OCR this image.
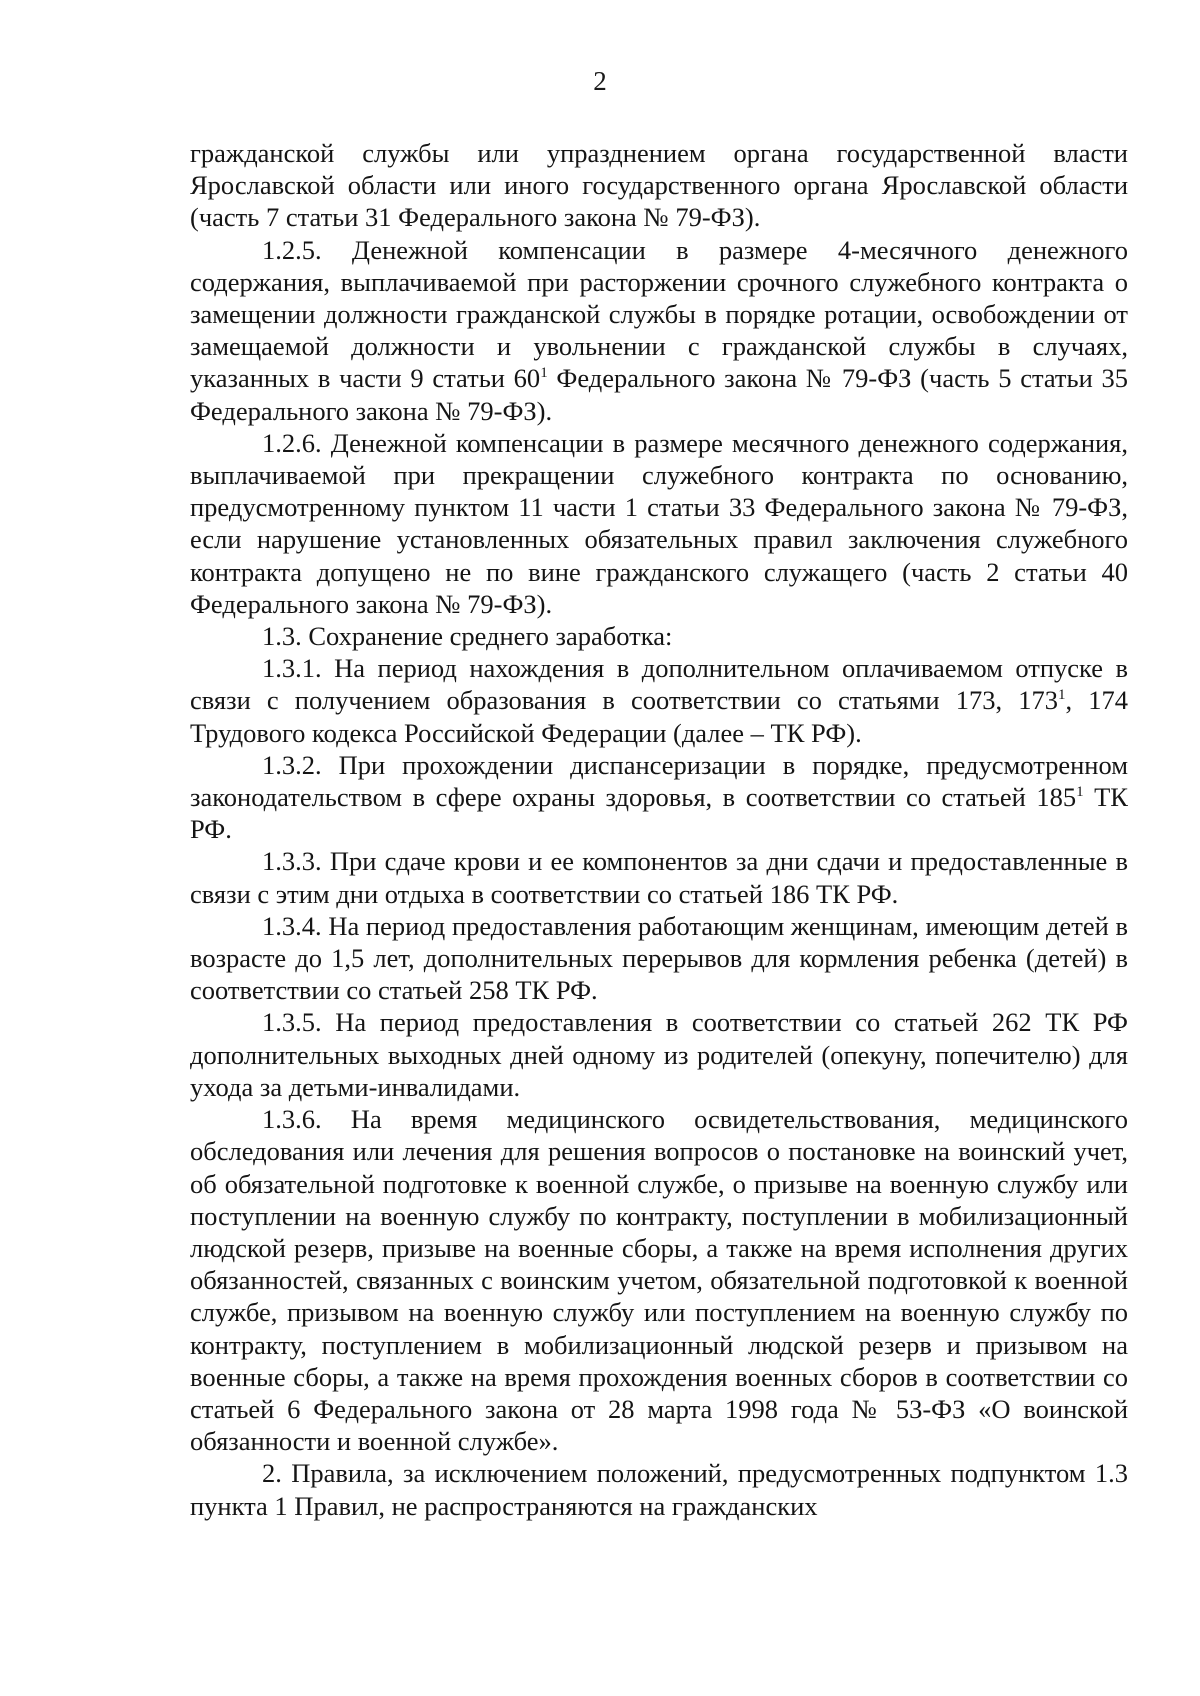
2

гражданской службы или упразднением органа государственной власти Ярославской области или иного государственного органа Ярославской области (часть 7 статьи 31 Федерального закона № 79-ФЗ).

1.2.5. Денежной компенсации в размере 4-месячного денежного содержания, выплачиваемой при расторжении срочного служебного контракта о замещении должности гражданской службы в порядке ротации, освобождении от замещаемой должности и увольнении с гражданской службы в случаях, указанных в части 9 статьи $60^1$ Федерального закона № 79-ФЗ (часть 5 статьи 35 Федерального закона № 79-ФЗ).

1.2.6. Денежной компенсации в размере месячного денежного содержания, выплачиваемой при прекращении служебного контракта по основанию, предусмотренному пунктом 11 части 1 статьи 33 Федерального закона № 79-ФЗ, если нарушение установленных обязательных правил заключения служебного контракта допущено не по вине гражданского служащего (часть 2 статьи 40 Федерального закона № 79-ФЗ).

1.3. Сохранение среднего заработка:

1.3.1. На период нахождения в дополнительном оплачиваемом отпуске в связи с получением образования в соответствии со статьями 173, $173^1$, 174 Трудового кодекса Российской Федерации (далее – ТК РФ).

1.3.2. При прохождении диспансеризации в порядке, предусмотренном законодательством в сфере охраны здоровья, в соответствии со статьей $185^1$ ТК РФ.

1.3.3. При сдаче крови и ее компонентов за дни сдачи и предоставленные в связи с этим дни отдыха в соответствии со статьей 186 ТК РФ.

1.3.4. На период предоставления работающим женщинам, имеющим детей в возрасте до 1,5 лет, дополнительных перерывов для кормления ребенка (детей) в соответствии со статьей 258 ТК РФ.

1.3.5. На период предоставления в соответствии со статьей 262 ТК РФ дополнительных выходных дней одному из родителей (опекуну, попечителю) для ухода за детьми-инвалидами.

1.3.6. На время медицинского освидетельствования, медицинского обследования или лечения для решения вопросов о постановке на воинский учет, об обязательной подготовке к военной службе, о призыве на военную службу или поступлении на военную службу по контракту, поступлении в мобилизационный людской резерв, призыве на военные сборы, а также на время исполнения других обязанностей, связанных с воинским учетом, обязательной подготовкой к военной службе, призывом на военную службу или поступлением на военную службу по контракту, поступлением в мобилизационный людской резерв и призывом на военные сборы, а также на время прохождения военных сборов в соответствии со статьей 6 Федерального закона от 28 марта 1998 года № 53-ФЗ «О воинской обязанности и военной службе».

2. Правила, за исключением положений, предусмотренных подпунктом 1.3 пункта 1 Правил, не распространяются на гражданских
